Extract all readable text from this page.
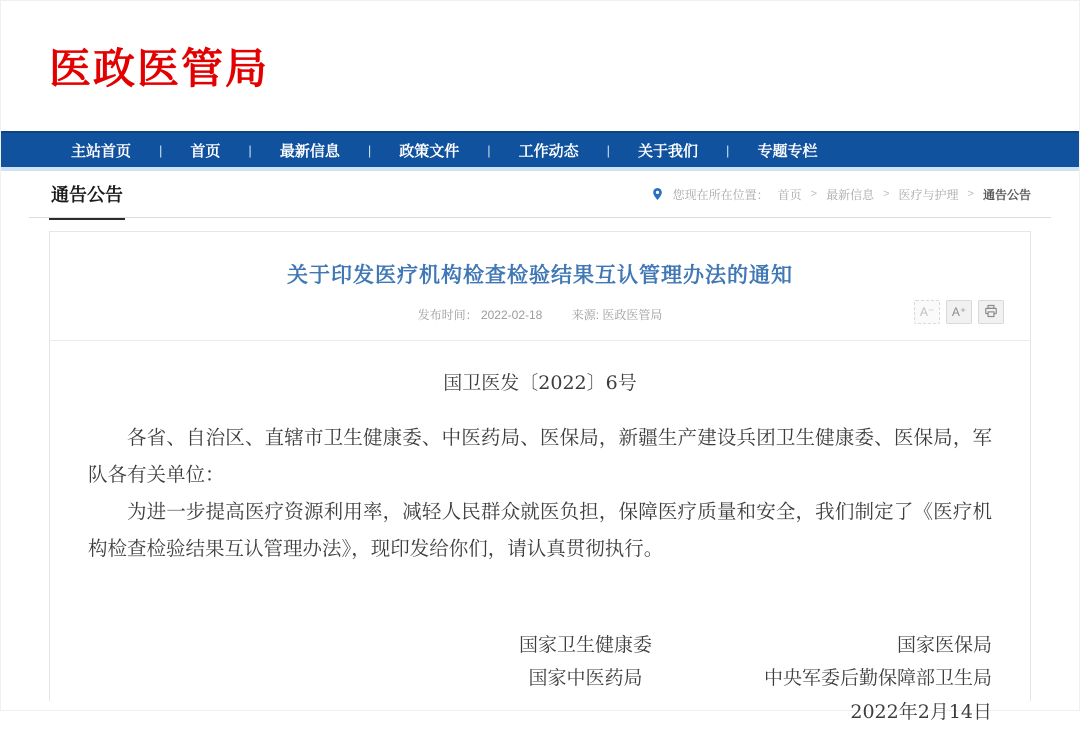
医政医管局
主站首页	|	首页	|	最新信息	|	政策文件	|	工作动态	|	关于我们	|	专题专栏
通告公告	您现在所在位置： 首页 > 最新信息 > 医疗与护理 > 通告公告
关于印发医疗机构检查检验结果互认管理办法的通知
发布时间： 2022-02-18 来源: 医政医管局	A⁻	A⁺
国卫医发〔2022〕6号

各省、自治区、直辖市卫生健康委、中医药局、医保局，新疆生产建设兵团卫生健康委、医保局，军队各有关单位：

为进一步提高医疗资源利用率，减轻人民群众就医负担，保障医疗质量和安全，我们制定了《医疗机构检查检验结果互认管理办法》，现印发给你们，请认真贯彻执行。

国家卫生健康委
国家中医药局
国家医保局
中央军委后勤保障部卫生局
2022年2月14日
